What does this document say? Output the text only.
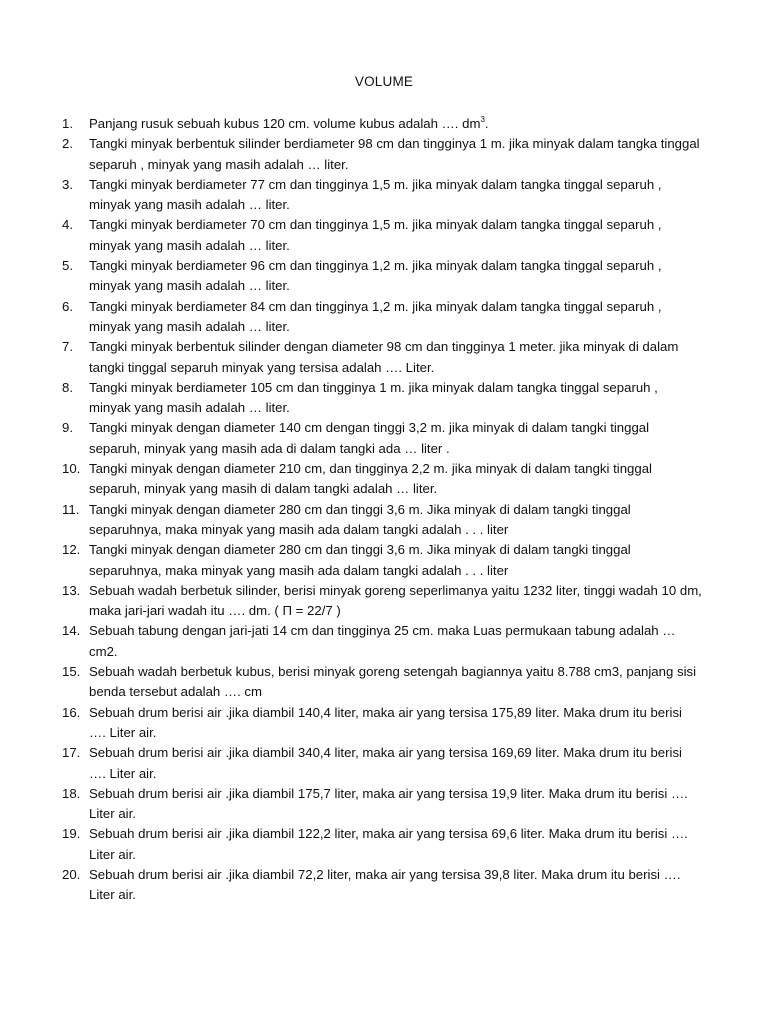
VOLUME
1.	Panjang rusuk sebuah kubus 120 cm. volume kubus adalah …. $dm^3$.
2.	Tangki minyak berbentuk silinder berdiameter 98 cm dan tingginya 1 m. jika minyak dalam tangka tinggal separuh , minyak yang masih adalah … liter.
3.	Tangki minyak berdiameter 77 cm dan tingginya 1,5 m. jika minyak dalam tangka tinggal separuh , minyak yang masih adalah … liter.
4.	Tangki minyak berdiameter 70 cm dan tingginya 1,5 m. jika minyak dalam tangka tinggal separuh , minyak yang masih adalah … liter.
5.	Tangki minyak berdiameter 96 cm dan tingginya 1,2 m. jika minyak dalam tangka tinggal separuh , minyak yang masih adalah … liter.
6.	Tangki minyak berdiameter 84 cm dan tingginya 1,2 m. jika minyak dalam tangka tinggal separuh , minyak yang masih adalah … liter.
7.	Tangki minyak berbentuk silinder dengan diameter 98 cm dan tingginya 1 meter. jika minyak di dalam tangki tinggal separuh minyak yang tersisa adalah …. Liter.
8.	Tangki minyak berdiameter 105 cm dan tingginya 1 m. jika minyak dalam tangka tinggal separuh , minyak yang masih adalah … liter.
9.	Tangki minyak dengan diameter 140 cm dengan tinggi 3,2 m. jika minyak di dalam tangki tinggal separuh, minyak yang masih ada di dalam tangki ada … liter .
10. Tangki minyak dengan diameter 210 cm, dan tingginya 2,2 m. jika minyak di dalam tangki tinggal separuh, minyak yang masih di dalam tangki adalah … liter.
11. Tangki minyak dengan diameter 280 cm dan tinggi 3,6 m. Jika minyak di dalam tangki tinggal separuhnya, maka minyak yang masih ada dalam tangki adalah . . . liter
12. Tangki minyak dengan diameter 280 cm dan tinggi 3,6 m. Jika minyak di dalam tangki tinggal separuhnya, maka minyak yang masih ada dalam tangki adalah . . . liter
13. Sebuah wadah berbetuk silinder, berisi minyak goreng seperlimanya yaitu 1232 liter, tinggi wadah 10 dm, maka jari-jari wadah itu …. dm. ( Π = 22/7 )
14. Sebuah tabung dengan jari-jati 14 cm dan tingginya 25 cm. maka Luas permukaan tabung adalah … cm2.
15. Sebuah wadah berbetuk kubus, berisi minyak goreng setengah bagiannya yaitu 8.788 cm3, panjang sisi benda tersebut adalah …. cm
16. Sebuah drum berisi air .jika diambil 140,4 liter, maka air yang tersisa 175,89 liter. Maka drum itu berisi …. Liter air.
17. Sebuah drum berisi air .jika diambil 340,4 liter, maka air yang tersisa 169,69 liter. Maka drum itu berisi …. Liter air.
18. Sebuah drum berisi air .jika diambil 175,7 liter, maka air yang tersisa 19,9 liter. Maka drum itu berisi …. Liter air.
19. Sebuah drum berisi air .jika diambil 122,2 liter, maka air yang tersisa 69,6 liter. Maka drum itu berisi …. Liter air.
20. Sebuah drum berisi air .jika diambil 72,2 liter, maka air yang tersisa 39,8 liter. Maka drum itu berisi …. Liter air.
